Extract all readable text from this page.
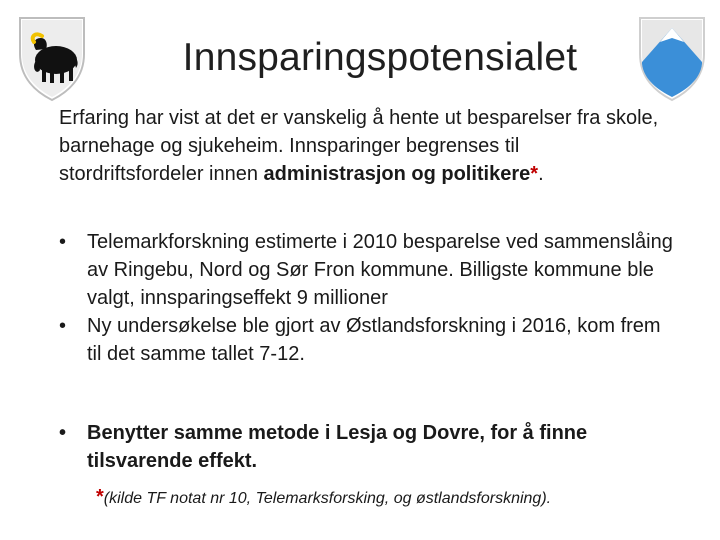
Innsparingspotensialet

Erfaring har vist at det er vanskelig å hente ut besparelser fra skole, barnehage og sjukeheim. Innsparinger begrenses til stordriftsfordeler innen administrasjon og politikere*.

•	Telemarkforskning estimerte i 2010 besparelse ved sammenslåing av Ringebu, Nord og Sør Fron kommune. Billigste kommune ble valgt, innsparingseffekt 9 millioner

•	Ny undersøkelse ble gjort av Østlandsforskning i 2016, kom frem til det samme tallet 7-12.

•	Benytter samme metode i Lesja og Dovre, for å finne tilsvarende effekt.

*(kilde TF notat nr 10, Telemarksforsking, og østlandsforskning).
